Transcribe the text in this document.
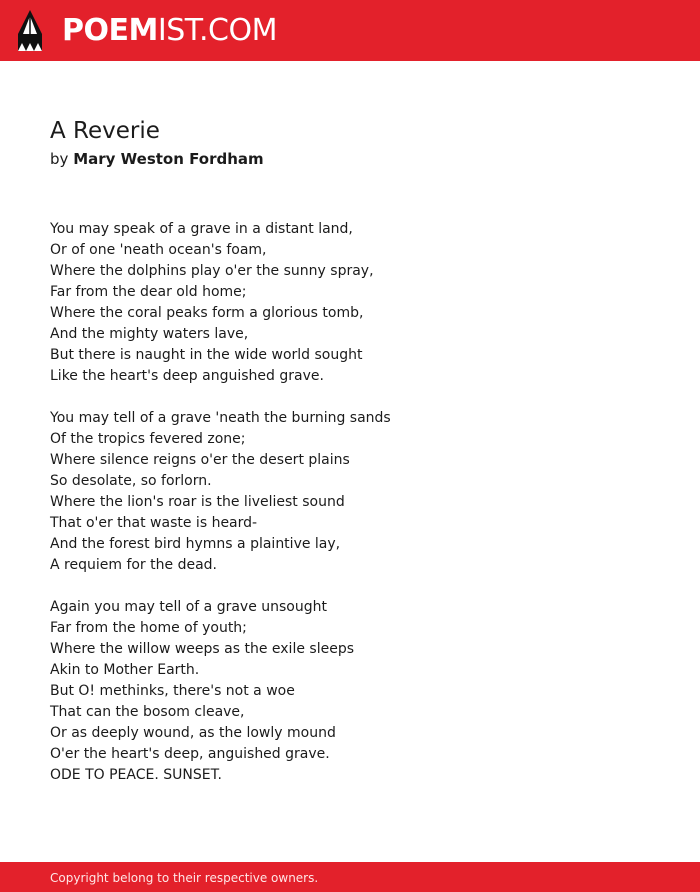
POEMIST.COM
A Reverie
by Mary Weston Fordham
You may speak of a grave in a distant land,
Or of one 'neath ocean's foam,
Where the dolphins play o'er the sunny spray,
Far from the dear old home;
Where the coral peaks form a glorious tomb,
And the mighty waters lave,
But there is naught in the wide world sought
Like the heart's deep anguished grave.
You may tell of a grave 'neath the burning sands
Of the tropics fevered zone;
Where silence reigns o'er the desert plains
So desolate, so forlorn.
Where the lion's roar is the liveliest sound
That o'er that waste is heard-
And the forest bird hymns a plaintive lay,
A requiem for the dead.
Again you may tell of a grave unsought
Far from the home of youth;
Where the willow weeps as the exile sleeps
Akin to Mother Earth.
But O! methinks, there's not a woe
That can the bosom cleave,
Or as deeply wound, as the lowly mound
O'er the heart's deep, anguished grave.
ODE TO PEACE. SUNSET.
Copyright belong to their respective owners.
